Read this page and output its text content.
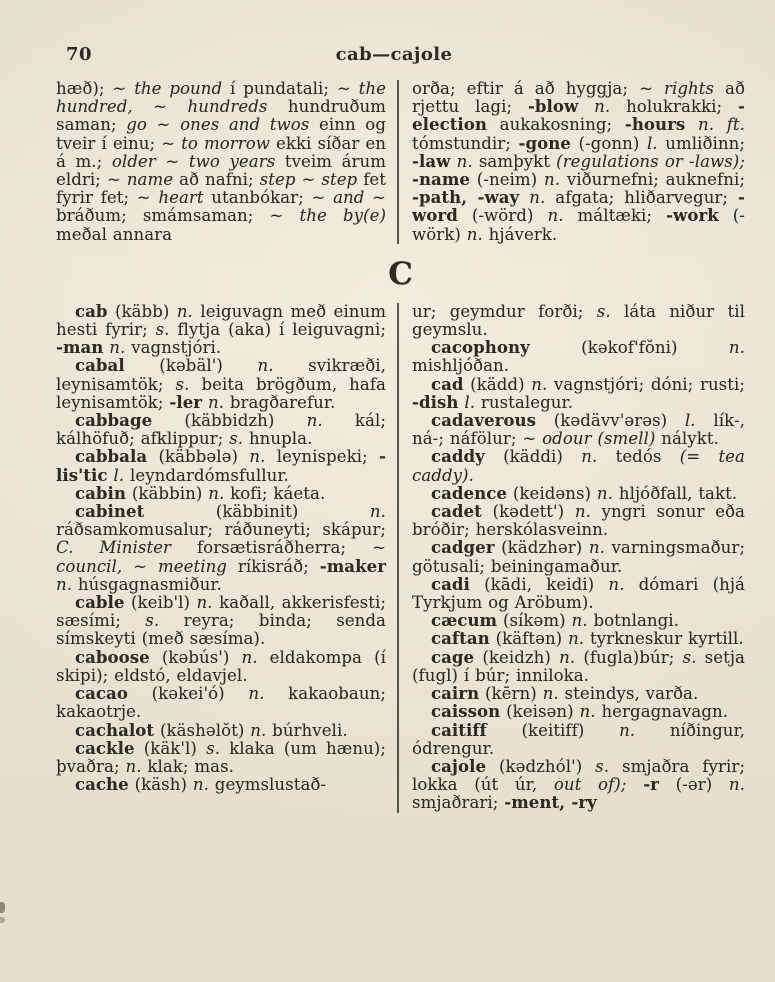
70	cab—cajole

hæð); ~ the pound í pundatali; ~ the hundred, ~ hundreds hundruðum saman; go ~ ones and twos einn og tveir í einu; ~ to morrow ekki síðar en á m.; older ~ two years tveim árum eldri; ~ name að nafni; step ~ step fet fyrir fet; ~ heart utanbókar; ~ and ~ bráðum; smámsaman; ~ the by(e) meðal annara

orða; eftir á að hyggja; ~ rights að rjettu lagi; -blow n. holukrakki; -election aukakosning; -hours n. ft. tómstundir; -gone (-gonn) l. umliðinn; -law n. samþykt (regulations or -laws); -name (-neim) n. viðurnefni; auknefni; -path, -way n. afgata; hliðarvegur; -word (-wörd) n. máltæki; -work (-wörk) n. hjáverk.

C

cab (käbb) n. leiguvagn með einum hesti fyrir; s. flytja (aka) í leiguvagni; -man n. vagnstjóri.

cabal (kəbäl') n. svikræði, leynisamtök; s. beita brögðum, hafa leynisamtök; -ler n. bragðarefur.

cabbage (käbbidzh) n. kál; kálhöfuð; afklippur; s. hnupla.

cabbala (käbbələ) n. leynispeki; -lis'tic l. leyndardómsfullur.

cabin (käbbin) n. kofi; káeta.

cabinet (käbbinit) n. ráðsamkomusalur; ráðuneyti; skápur; C. Minister forsætisráðherra; ~ council, ~ meeting ríkisráð; -maker n. húsgagnasmiður.

cable (keib'l) n. kaðall, akkerisfesti; sæsími; s. reyra; binda; senda símskeyti (með sæsíma).

caboose (kəbús') n. eldakompa (í skipi); eldstó, eldavjel.

cacao (kəkei'ó) n. kakaobaun; kakaotrje.

cachalot (käshəlŏt) n. búrhveli.

cackle (käk'l) s. klaka (um hænu); þvaðra; n. klak; mas.

cache (käsh) n. geymslustað-

ur; geymdur forði; s. láta niður til geymslu.

cacophony (kəkof'fŏni) n. mishljóðan.

cad (kädd) n. vagnstjóri; dóni; rusti; -dish l. rustalegur.

cadaverous (kədävv'ərəs) l. lík-, ná-; náfölur; ~ odour (smell) nálykt.

caddy (käddi) n. tedós (= tea caddy).

cadence (keidəns) n. hljóðfall, takt.

cadet (kədett') n. yngri sonur eða bróðir; herskólasveinn.

cadger (kädzhər) n. varningsmaður; götusali; beiningamaður.

cadi (kādi, keidi) n. dómari (hjá Tyrkjum og Aröbum).

cæcum (síkəm) n. botnlangi.

caftan (käftən) n. tyrkneskur kyrtill.

cage (keidzh) n. (fugla)búr; s. setja (fugl) í búr; inniloka.

cairn (kērn) n. steindys, varða.

caisson (keisən) n. hergagnavagn.

caitiff (keitiff) n. níðingur, ódrengur.

cajole (kədzhól') s. smjaðra fyrir; lokka (út úr, out of); -r (-ər) n. smjaðrari; -ment, -ry
